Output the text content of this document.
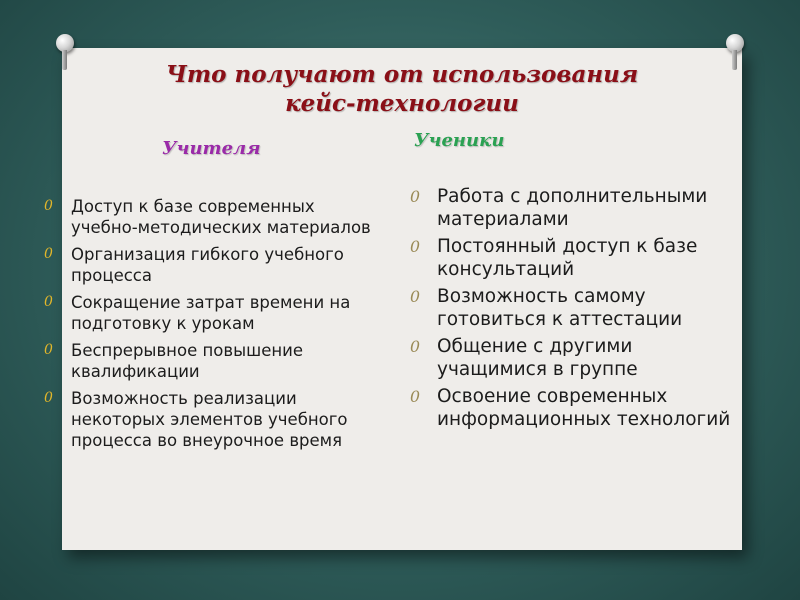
Что получают от использования
кейс-технологии
Учителя	Ученики
0 Доступ к базе современных учебно-методических материалов
0 Организация гибкого учебного процесса
0 Сокращение затрат времени на подготовку к урокам
0 Беспрерывное повышение квалификации
0 Возможность реализации некоторых элементов учебного процесса во внеурочное время
0 Работа с дополнительными материалами
0 Постоянный доступ к базе консультаций
0 Возможность самому готовиться к аттестации
0 Общение с другими учащимися в группе
0 Освоение современных информационных технологий
